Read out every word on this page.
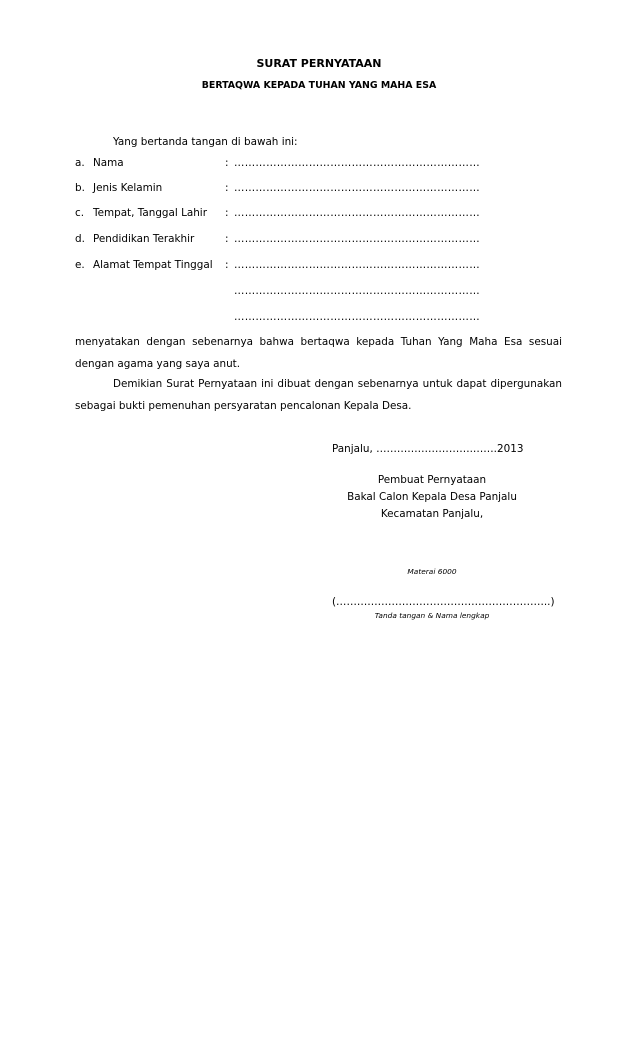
SURAT PERNYATAAN
BERTAQWA KEPADA TUHAN YANG MAHA ESA
Yang bertanda tangan di bawah ini:
a. Nama	: ……………………………………………………………
b. Jenis Kelamin	: ……………………………………………………………
c. Tempat, Tanggal Lahir : ……………………………………………………………
d. Pendidikan Terakhir	: ……………………………………………………………
e. Alamat Tempat Tinggal : ……………………………………………………………
……………………………………………………………
……………………………………………………………
menyatakan dengan sebenarnya bahwa bertaqwa kepada Tuhan Yang Maha Esa sesuai dengan agama yang saya anut.
Demikian Surat Pernyataan ini dibuat dengan sebenarnya untuk dapat dipergunakan sebagai bukti pemenuhan persyaratan pencalonan Kepala Desa.
Panjalu, ……………………….…….2013
Pembuat Pernyataan
Bakal Calon Kepala Desa Panjalu
Kecamatan Panjalu,
Materai 6000
(……………………………………………………..)
Tanda tangan & Nama lengkap
